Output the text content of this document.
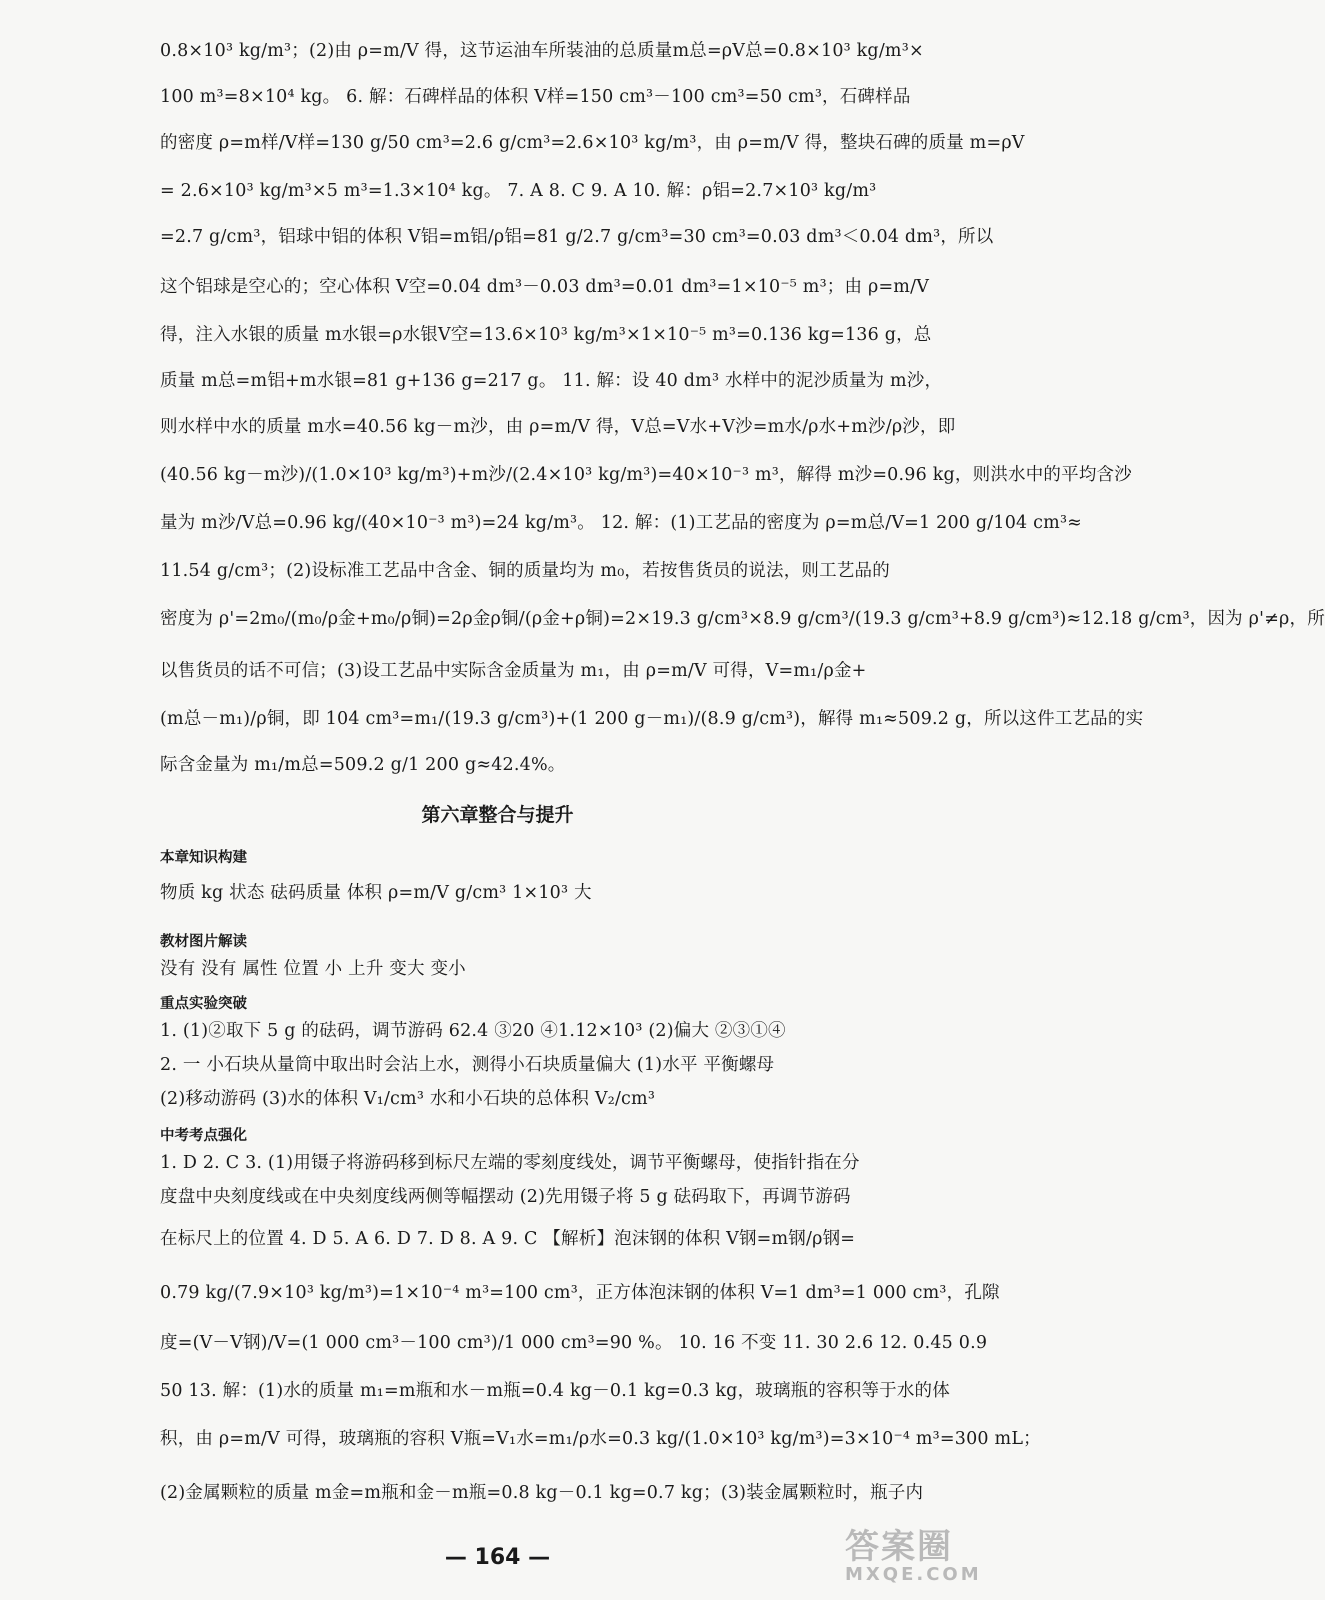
0.8×10³ kg/m³；(2)由 ρ=m/V 得，这节运油车所装油的总质量m总=ρV总=0.8×10³ kg/m³×
100 m³=8×10⁴ kg。 6. 解：石碑样品的体积 V样=150 cm³－100 cm³=50 cm³，石碑样品
的密度 ρ=m样/V样=130 g/50 cm³=2.6 g/cm³=2.6×10³ kg/m³，由 ρ=m/V 得，整块石碑的质量 m=ρV
= 2.6×10³ kg/m³×5 m³=1.3×10⁴ kg。 7. A 8. C 9. A 10. 解：ρ铝=2.7×10³ kg/m³
=2.7 g/cm³，铝球中铝的体积 V铝=m铝/ρ铝=81 g/2.7 g/cm³=30 cm³=0.03 dm³＜0.04 dm³，所以
这个铝球是空心的；空心体积 V空=0.04 dm³－0.03 dm³=0.01 dm³=1×10⁻⁵ m³；由 ρ=m/V
得，注入水银的质量 m水银=ρ水银V空=13.6×10³ kg/m³×1×10⁻⁵ m³=0.136 kg=136 g，总
质量 m总=m铝+m水银=81 g+136 g=217 g。 11. 解：设 40 dm³ 水样中的泥沙质量为 m沙，
则水样中水的质量 m水=40.56 kg－m沙，由 ρ=m/V 得，V总=V水+V沙=m水/ρ水+m沙/ρ沙，即
(40.56 kg－m沙)/(1.0×10³ kg/m³)+m沙/(2.4×10³ kg/m³)=40×10⁻³ m³，解得 m沙=0.96 kg，则洪水中的平均含沙
量为 m沙/V总=0.96 kg/(40×10⁻³ m³)=24 kg/m³。 12. 解：(1)工艺品的密度为 ρ=m总/V=1 200 g/104 cm³≈
11.54 g/cm³；(2)设标准工艺品中含金、铜的质量均为 m₀，若按售货员的说法，则工艺品的
密度为 ρ'=2m₀/(m₀/ρ金+m₀/ρ铜)=2ρ金ρ铜/(ρ金+ρ铜)=2×19.3 g/cm³×8.9 g/cm³/(19.3 g/cm³+8.9 g/cm³)≈12.18 g/cm³，因为 ρ'≠ρ，所
以售货员的话不可信；(3)设工艺品中实际含金质量为 m₁，由 ρ=m/V 可得，V=m₁/ρ金+
(m总－m₁)/ρ铜，即 104 cm³=m₁/(19.3 g/cm³)+(1 200 g－m₁)/(8.9 g/cm³)，解得 m₁≈509.2 g，所以这件工艺品的实
际含金量为 m₁/m总=509.2 g/1 200 g≈42.4%。
第六章整合与提升
本章知识构建
物质 kg 状态 砝码质量 体积 ρ=m/V g/cm³ 1×10³ 大
教材图片解读
没有 没有 属性 位置 小 上升 变大 变小
重点实验突破
1. (1)②取下 5 g 的砝码，调节游码 62.4 ③20 ④1.12×10³ (2)偏大 ②③①④
2. 一 小石块从量筒中取出时会沾上水，测得小石块质量偏大 (1)水平 平衡螺母
(2)移动游码 (3)水的体积 V₁/cm³ 水和小石块的总体积 V₂/cm³
中考考点强化
1. D 2. C 3. (1)用镊子将游码移到标尺左端的零刻度线处，调节平衡螺母，使指针指在分
度盘中央刻度线或在中央刻度线两侧等幅摆动 (2)先用镊子将 5 g 砝码取下，再调节游码
在标尺上的位置 4. D 5. A 6. D 7. D 8. A 9. C 【解析】泡沫钢的体积 V钢=m钢/ρ钢=
0.79 kg/(7.9×10³ kg/m³)=1×10⁻⁴ m³=100 cm³，正方体泡沫钢的体积 V=1 dm³=1 000 cm³，孔隙
度=(V－V钢)/V=(1 000 cm³－100 cm³)/1 000 cm³=90 %。 10. 16 不变 11. 30 2.6 12. 0.45 0.9
50 13. 解：(1)水的质量 m₁=m瓶和水－m瓶=0.4 kg－0.1 kg=0.3 kg，玻璃瓶的容积等于水的体
积，由 ρ=m/V 可得，玻璃瓶的容积 V瓶=V₁水=m₁/ρ水=0.3 kg/(1.0×10³ kg/m³)=3×10⁻⁴ m³=300 mL；
(2)金属颗粒的质量 m金=m瓶和金－m瓶=0.8 kg－0.1 kg=0.7 kg；(3)装金属颗粒时，瓶子内
— 164 —	答案圈
MXQE.COM
